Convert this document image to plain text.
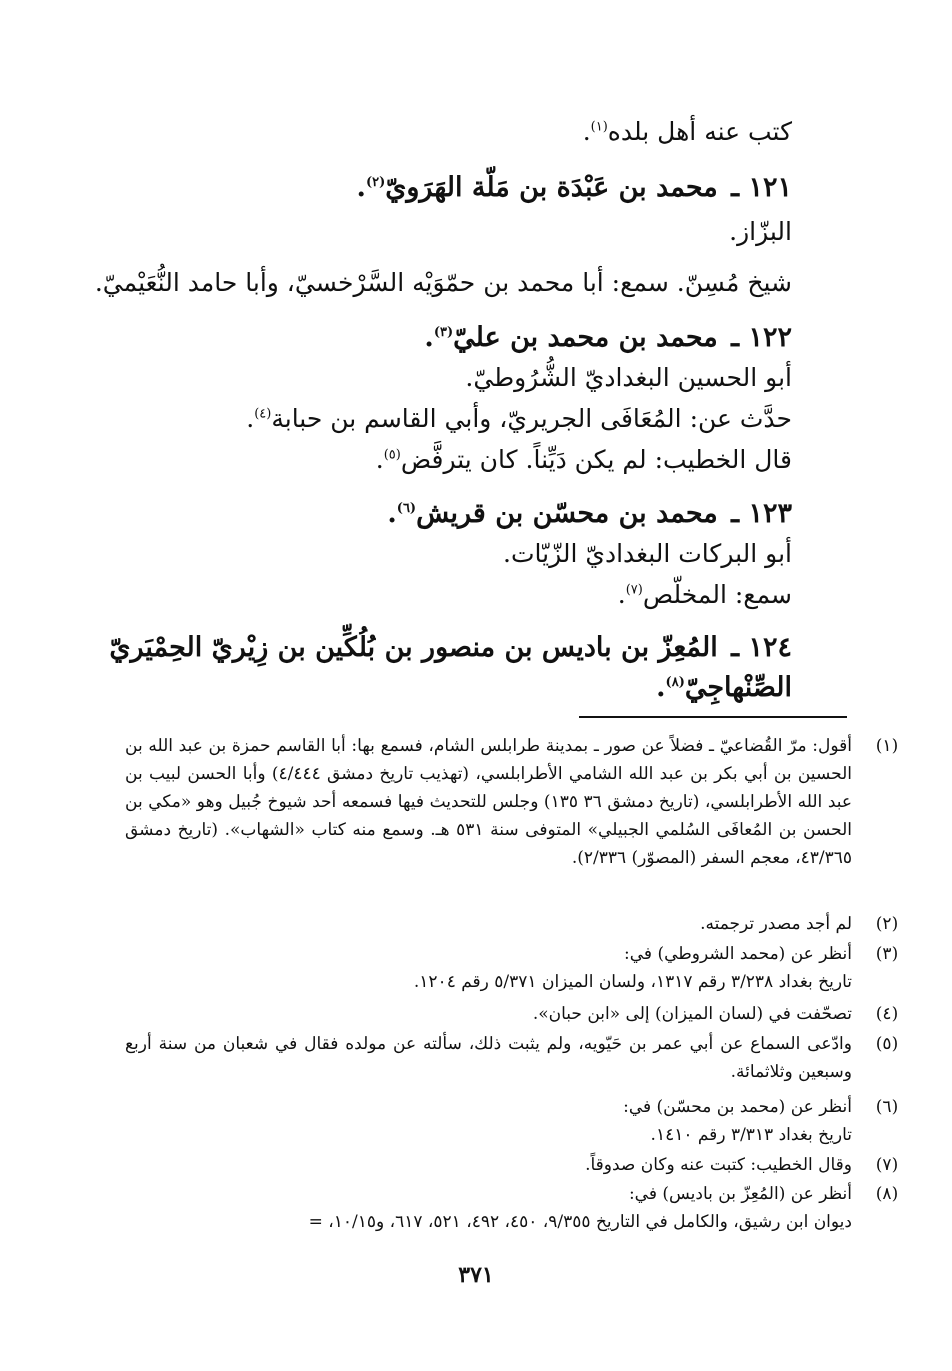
كتب عنه أهل بلده$^{(١)}$.
١٢١ ـ محمد بن عَبْدَة بن مَلّة الهَرَويّ$^{(٢)}$.
البزّاز.
شيخ مُسِنّ. سمع: أبا محمد بن حمّوَيْه السَّرْخسيّ، وأبا حامد النُّعَيْميّ.
١٢٢ ـ محمد بن محمد بن عليّ$^{(٣)}$.
أبو الحسين البغداديّ الشُّرُوطيّ.
حدَّث عن: المُعَافَى الجريريّ، وأبي القاسم بن حبابة$^{(٤)}$.
قال الخطيب: لم يكن دَيِّناً. كان يترفَّض$^{(٥)}$.
١٢٣ ـ محمد بن محسّن بن قريش$^{(٦)}$.
أبو البركات البغداديّ الزّيّات.
سمع: المخلّص$^{(٧)}$.
١٢٤ ـ المُعِزّ بن باديس بن منصور بن بُلُكِّين بن زِيْريّ الحِمْيَريّ
الصِّنْهاجِيّ$^{(٨)}$.
(١)
أقول: مرّ القُضاعيّ ـ فضلاً عن صور ـ بمدينة طرابلس الشام، فسمع بها: أبا القاسم حمزة بن عبد الله بن الحسين بن أبي بكر بن عبد الله الشامي الأطرابلسي، (تهذيب تاريخ دمشق ٤/٤٤٤) وأبا الحسن لبيب بن عبد الله الأطرابلسي، (تاريخ دمشق ٣٦ ١٣٥) وجلس للتحديث فيها فسمعه أحد شيوخ جُبيل وهو «مكي بن الحسن بن المُعافَى السُلمي الجبيلي» المتوفى سنة ٥٣١ هـ. وسمع منه كتاب «الشهاب». (تاريخ دمشق ٤٣/٣٦٥، معجم السفر (المصوّر) ٢/٣٣٦).
(٢)
لم أجد مصدر ترجمته.
(٣)
أنظر عن (محمد الشروطي) في:
تاريخ بغداد ٣/٢٣٨ رقم ١٣١٧، ولسان الميزان ٥/٣٧١ رقم ١٢٠٤.
(٤)
تصحّفت في (لسان الميزان) إلى «ابن حبان».
(٥)
وادّعى السماع عن أبي عمر بن حَيّويه، ولم يثبت ذلك، سألته عن مولده فقال في شعبان من سنة أربع وسبعين وثلاثمائة.
(٦)
أنظر عن (محمد بن محسّن) في:
تاريخ بغداد ٣/٣١٣ رقم ١٤١٠.
(٧)
وقال الخطيب: كتبت عنه وكان صدوقاً.
(٨)
أنظر عن (المُعِزّ بن باديس) في:
ديوان ابن رشيق، والكامل في التاريخ ٩/٣٥٥، ٤٥٠، ٤٩٢، ٥٢١، ٦١٧، و١٠/١٥، =
٣٧١
